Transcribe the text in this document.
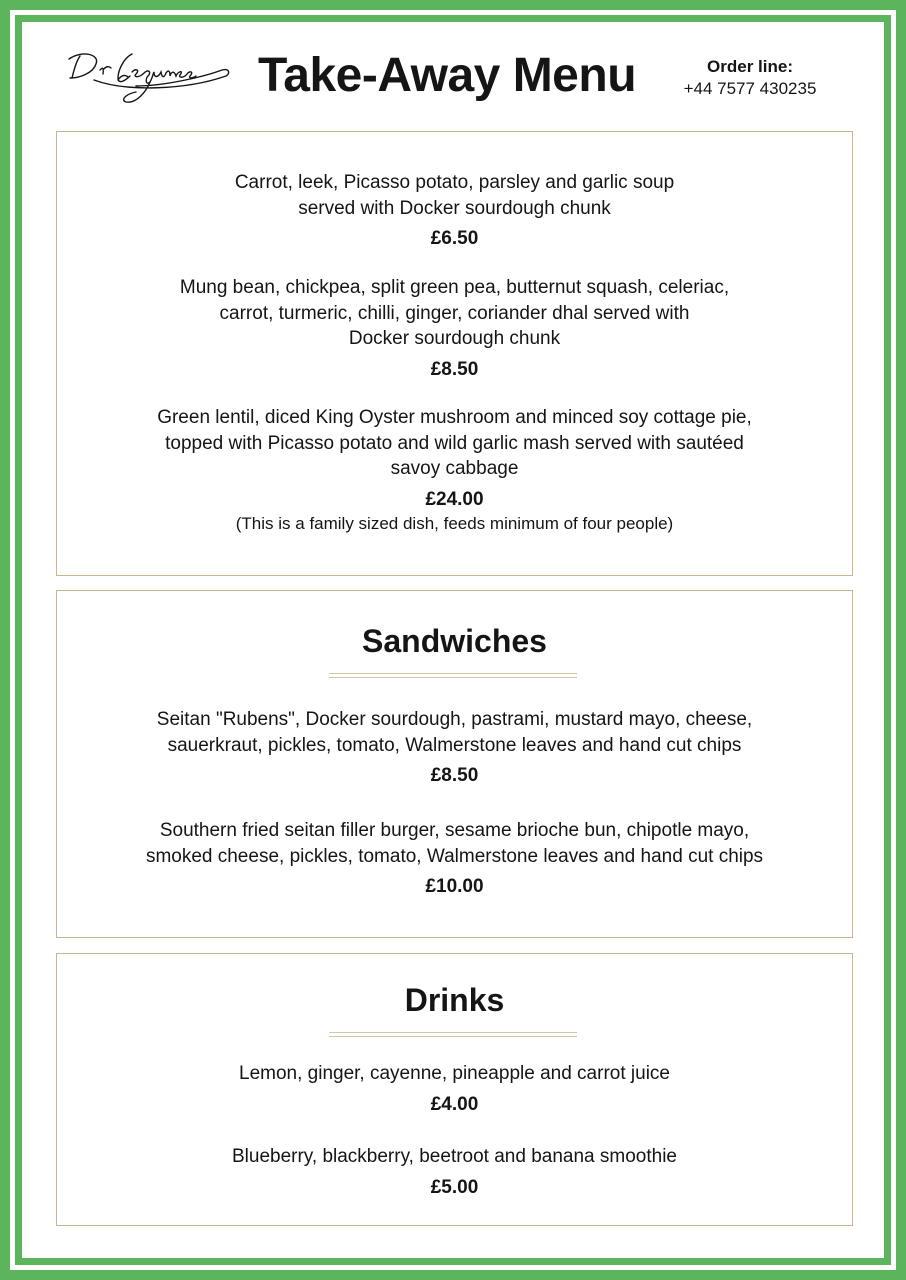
Take-Away Menu	Order line:
+44 7577 430235

Carrot, leek, Picasso potato, parsley and garlic soup
served with Docker sourdough chunk

£6.50

Mung bean, chickpea, split green pea, butternut squash, celeriac,
carrot, turmeric, chilli, ginger, coriander dhal served with
Docker sourdough chunk

£8.50

Green lentil, diced King Oyster mushroom and minced soy cottage pie,
topped with Picasso potato and wild garlic mash served with sautéed
savoy cabbage

£24.00
(This is a family sized dish, feeds minimum of four people)
Sandwiches

Seitan "Rubens", Docker sourdough, pastrami, mustard mayo, cheese,
sauerkraut, pickles, tomato, Walmerstone leaves and hand cut chips

£8.50

Southern fried seitan filler burger, sesame brioche bun, chipotle mayo,
smoked cheese, pickles, tomato, Walmerstone leaves and hand cut chips

£10.00
Drinks

Lemon, ginger, cayenne, pineapple and carrot juice

£4.00

Blueberry, blackberry, beetroot and banana smoothie

£5.00
